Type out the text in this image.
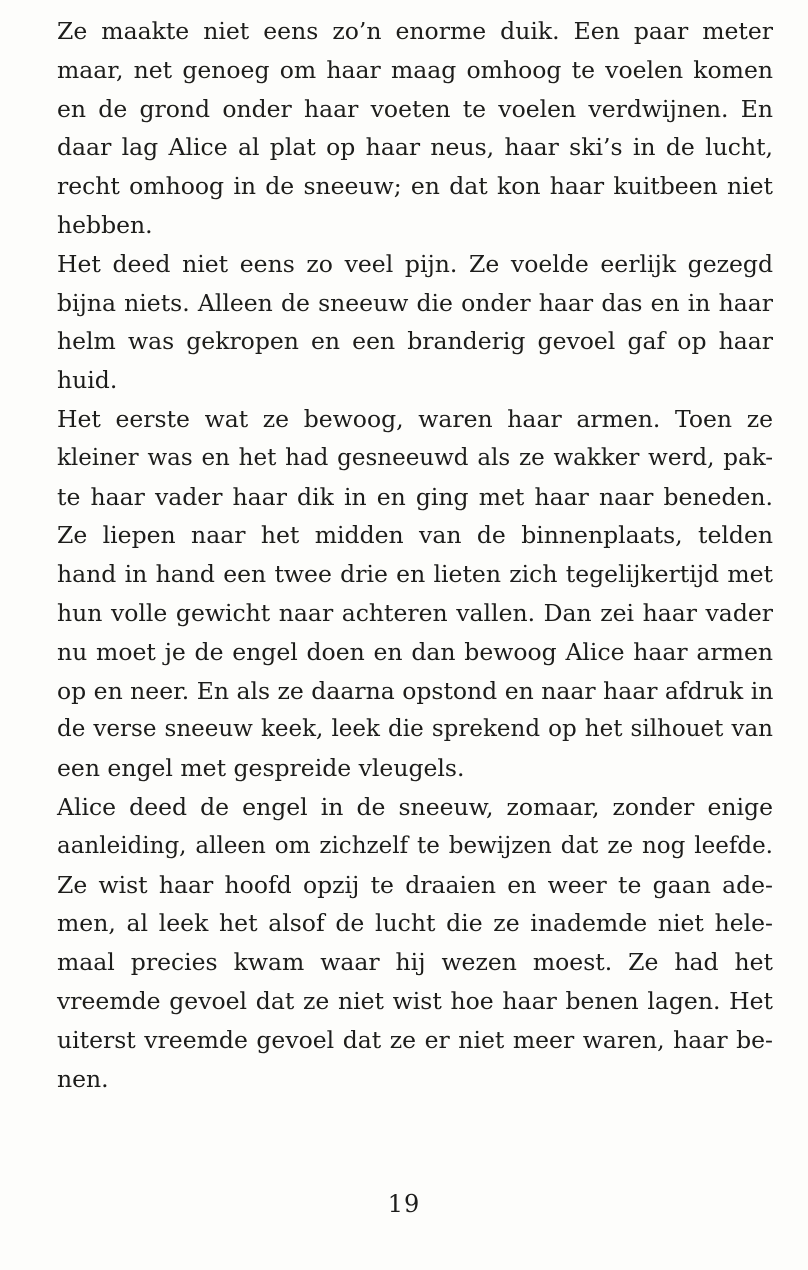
Ze maakte niet eens zo’n enorme duik. Een paar meter
maar, net genoeg om haar maag omhoog te voelen komen
en de grond onder haar voeten te voelen verdwijnen. En
daar lag Alice al plat op haar neus, haar ski’s in de lucht,
recht omhoog in de sneeuw; en dat kon haar kuitbeen niet
hebben.
Het deed niet eens zo veel pijn. Ze voelde eerlijk gezegd
bijna niets. Alleen de sneeuw die onder haar das en in haar
helm was gekropen en een branderig gevoel gaf op haar
huid.
Het eerste wat ze bewoog, waren haar armen. Toen ze
kleiner was en het had gesneeuwd als ze wakker werd, pak-
te haar vader haar dik in en ging met haar naar beneden.
Ze liepen naar het midden van de binnenplaats, telden
hand in hand een twee drie en lieten zich tegelijkertijd met
hun volle gewicht naar achteren vallen. Dan zei haar vader
nu moet je de engel doen en dan bewoog Alice haar armen
op en neer. En als ze daarna opstond en naar haar afdruk in
de verse sneeuw keek, leek die sprekend op het silhouet van
een engel met gespreide vleugels.
Alice deed de engel in de sneeuw, zomaar, zonder enige
aanleiding, alleen om zichzelf te bewijzen dat ze nog leefde.
Ze wist haar hoofd opzij te draaien en weer te gaan ade-
men, al leek het alsof de lucht die ze inademde niet hele-
maal precies kwam waar hij wezen moest. Ze had het
vreemde gevoel dat ze niet wist hoe haar benen lagen. Het
uiterst vreemde gevoel dat ze er niet meer waren, haar be-
nen.
19
